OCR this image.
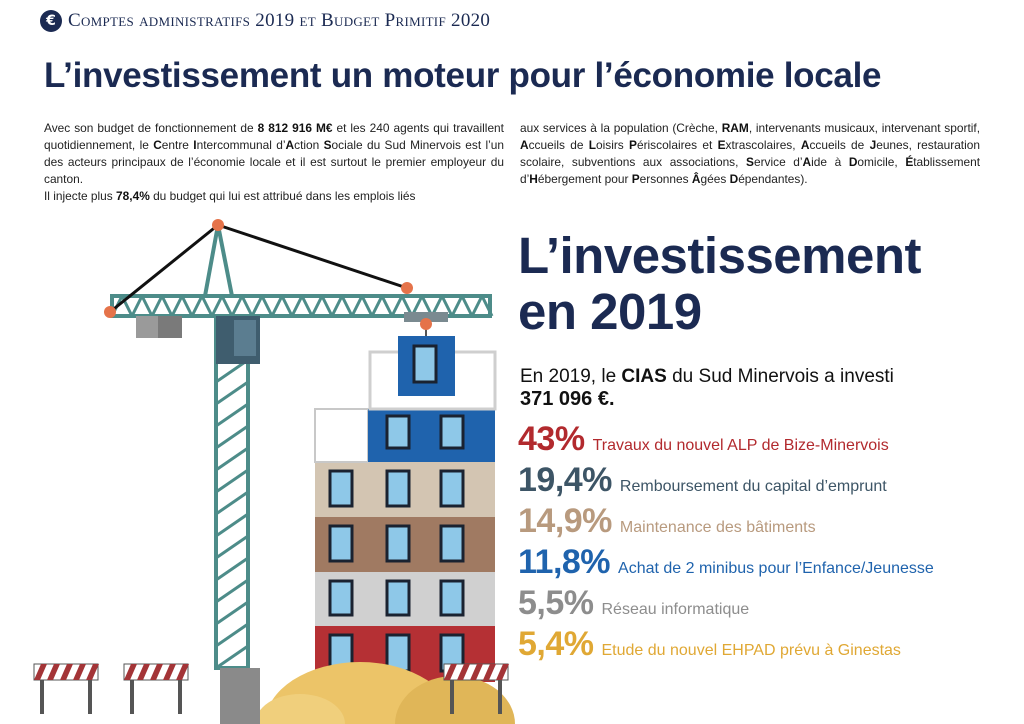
€ Comptes administratifs 2019 et Budget Primitif 2020
L’investissement un moteur pour l’économie locale

Avec son budget de fonctionnement de 8 812 916 M€ et les 240 agents qui travaillent quotidiennement, le Centre Intercommunal d’Action Sociale du Sud Minervois est l’un des acteurs principaux de l’économie locale et il est surtout le premier employeur du canton.

Il injecte plus 78,4% du budget qui lui est attribué dans les emplois liés

aux services à la population (Crèche, RAM, intervenants musicaux, intervenant sportif, Accueils de Loisirs Périscolaires et Extrascolaires, Accueils de Jeunes, restauration scolaire, subventions aux associations, Service d’Aide à Domicile, Établissement d’Hébergement pour Personnes Âgées Dépendantes).

L’investissement
en 2019
En 2019, le CIAS du Sud Minervois a investi
371 096 €.
43% Travaux du nouvel ALP de Bize-Minervois
19,4% Remboursement du capital d’emprunt
14,9% Maintenance des bâtiments
11,8% Achat de 2 minibus pour l’Enfance/Jeunesse
5,5% Réseau informatique
5,4% Etude du nouvel EHPAD prévu à Ginestas
